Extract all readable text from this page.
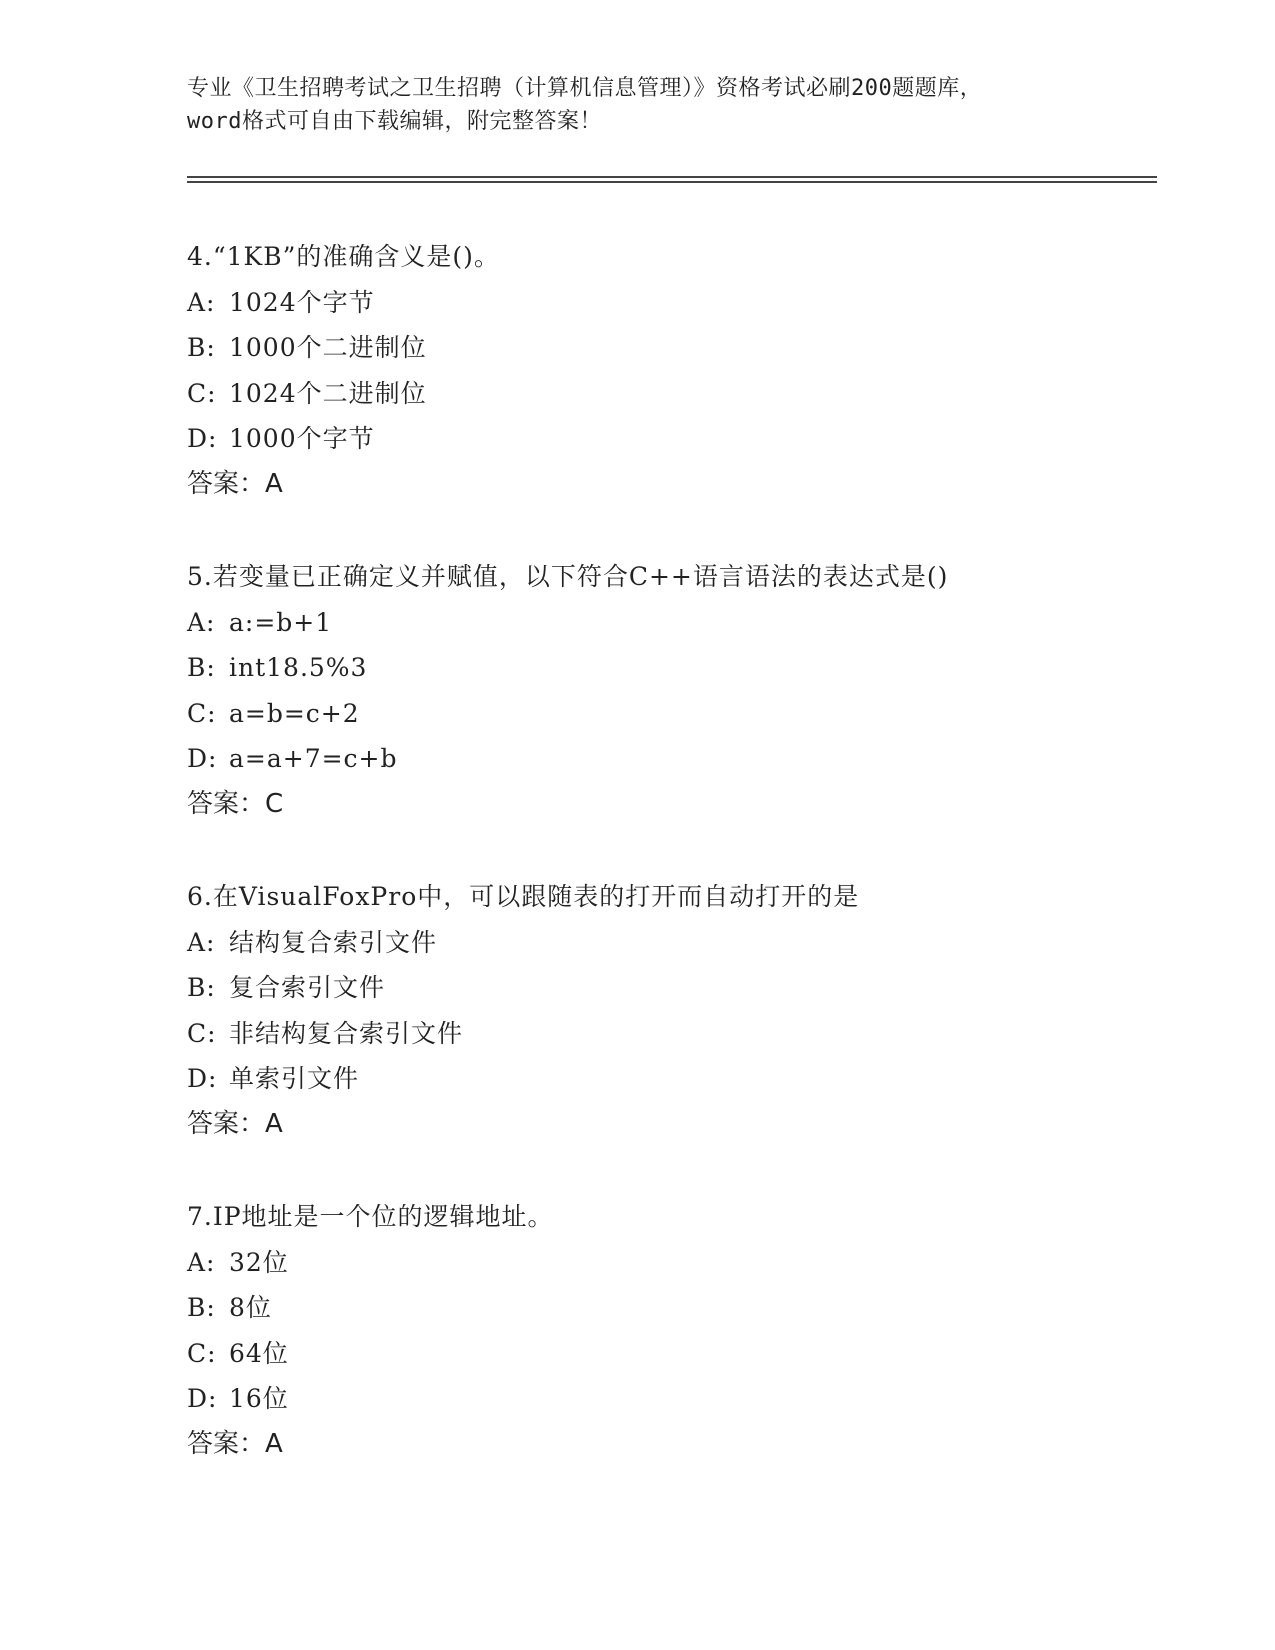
专业《卫生招聘考试之卫生招聘（计算机信息管理）》资格考试必刷200题题库，
word格式可自由下载编辑，附完整答案！
4.“1KB”的准确含义是()。
A: 1024个字节
B: 1000个二进制位
C: 1024个二进制位
D: 1000个字节
答案：A
5.若变量已正确定义并赋值，以下符合C++语言语法的表达式是()
A: a:=b+1
B: int18.5%3
C: a=b=c+2
D: a=a+7=c+b
答案：C
6.在VisualFoxPro中，可以跟随表的打开而自动打开的是
A: 结构复合索引文件
B: 复合索引文件
C: 非结构复合索引文件
D: 单索引文件
答案：A
7.IP地址是一个位的逻辑地址。
A: 32位
B: 8位
C: 64位
D: 16位
答案：A
